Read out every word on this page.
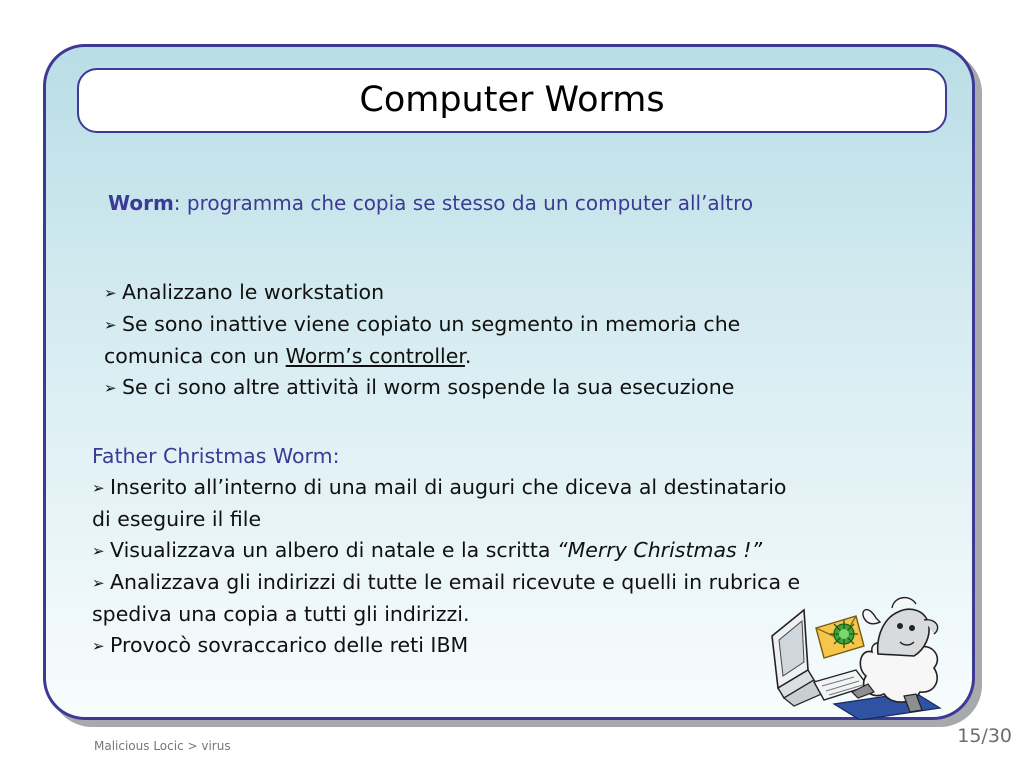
Computer Worms
Worm: programma che copia se stesso da un computer all’altro
➢ Analizzano le workstation
➢ Se sono inattive viene copiato un segmento in memoria che
comunica con un Worm’s controller.
➢ Se ci sono altre attività il worm sospende la sua esecuzione
Father Christmas Worm:
➢ Inserito all’interno di una mail di auguri che diceva al destinatario
di eseguire il file
➢ Visualizzava un albero di natale e la scritta “Merry Christmas !”
➢ Analizzava gli indirizzi di tutte le email ricevute e quelli in rubrica e
spediva una copia a tutti gli indirizzi.
➢ Provocò sovraccarico delle reti IBM
Malicious Locic > virus	15/30
